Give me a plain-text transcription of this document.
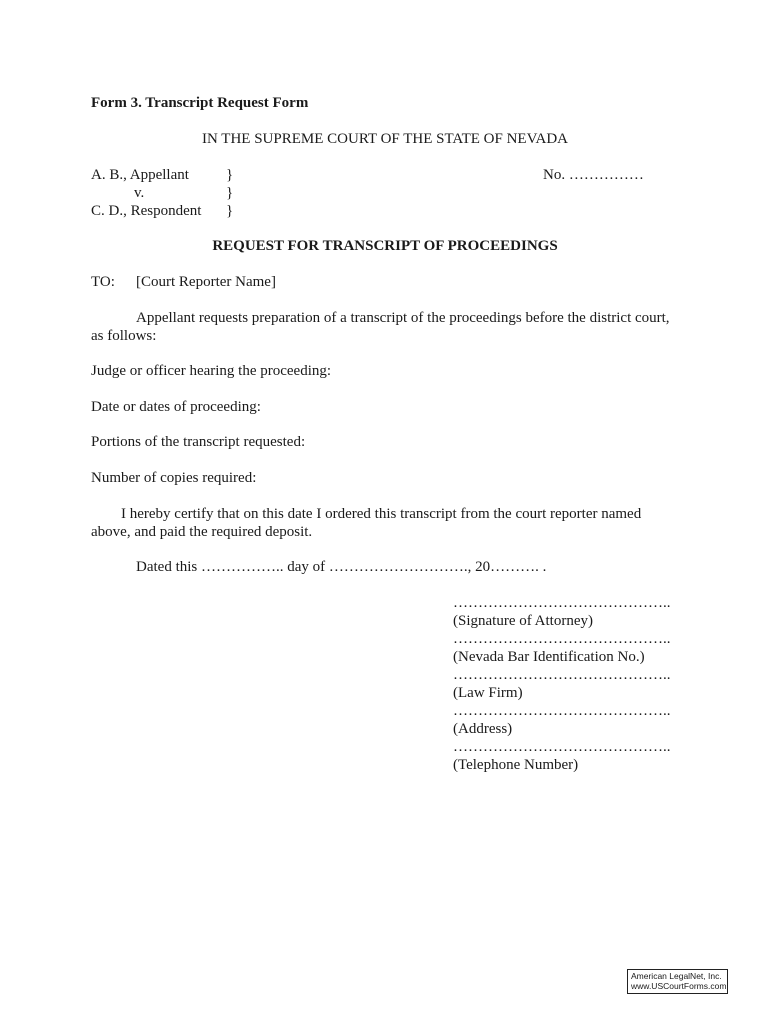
Form 3. Transcript Request Form
IN THE SUPREME COURT OF THE STATE OF NEVADA
A. B., Appellant
v.
C. D., Respondent
}
}
}
No. ……………
REQUEST FOR TRANSCRIPT OF PROCEEDINGS
TO: [Court Reporter Name]
Appellant requests preparation of a transcript of the proceedings before the district court, as follows:
Judge or officer hearing the proceeding:
Date or dates of proceeding:
Portions of the transcript requested:
Number of copies required:
I hereby certify that on this date I ordered this transcript from the court reporter named above, and paid the required deposit.
Dated this …………….. day of ………………………., 20………. .
……………………………………..
(Signature of Attorney)
……………………………………..
(Nevada Bar Identification No.)
……………………………………..
(Law Firm)
……………………………………..
(Address)
……………………………………..
(Telephone Number)
American LegalNet, Inc.
www.USCourtForms.com
